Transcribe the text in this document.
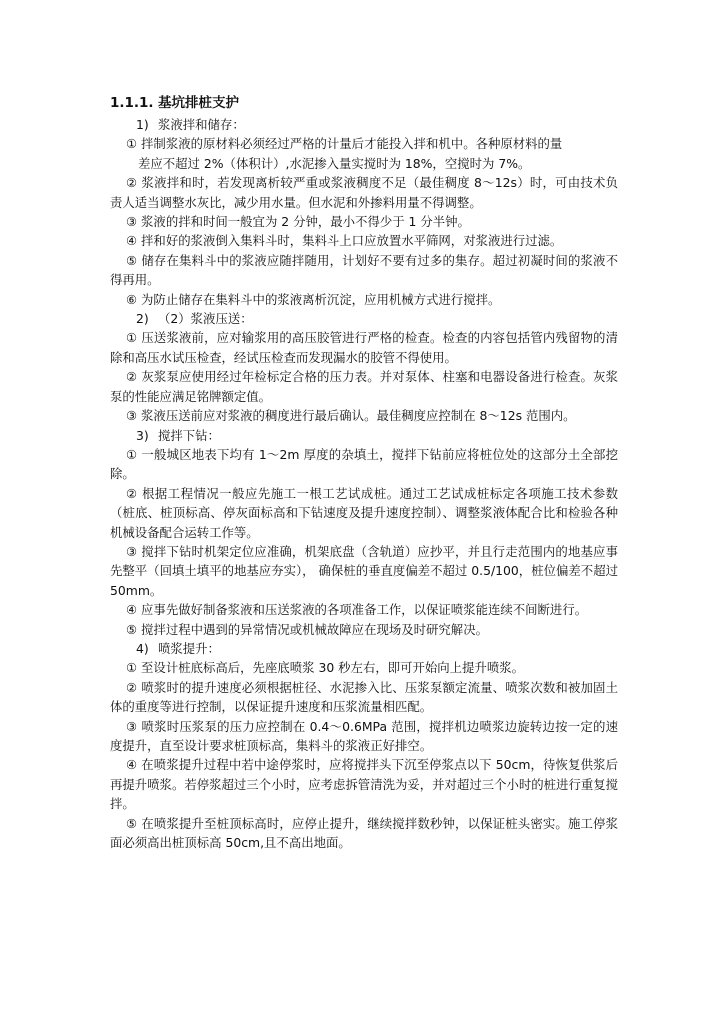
1.1.1. 基坑排桩支护
1) 浆液拌和储存：

① 拌制浆液的原材料必须经过严格的计量后才能投入拌和机中。各种原材料的量

差应不超过 2%（体积计）,水泥掺入量实搅时为 18%，空搅时为 7%。

② 浆液拌和时，若发现离析较严重或浆液稠度不足（最佳稠度 8～12s）时，可由技术负责人适当调整水灰比，减少用水量。但水泥和外掺料用量不得调整。

③ 浆液的拌和时间一般宜为 2 分钟，最小不得少于 1 分半钟。

④ 拌和好的浆液倒入集料斗时，集料斗上口应放置水平筛网，对浆液进行过滤。

⑤ 储存在集料斗中的浆液应随拌随用，计划好不要有过多的集存。超过初凝时间的浆液不得再用。

⑥ 为防止储存在集料斗中的浆液离析沉淀，应用机械方式进行搅拌。

2) （2）浆液压送：

① 压送浆液前，应对输浆用的高压胶管进行严格的检查。检查的内容包括管内残留物的清除和高压水试压检查，经试压检查而发现漏水的胶管不得使用。

② 灰浆泵应使用经过年检标定合格的压力表。并对泵体、柱塞和电器设备进行检查。灰浆泵的性能应满足铭牌额定值。

③ 浆液压送前应对浆液的稠度进行最后确认。最佳稠度应控制在 8～12s 范围内。

3) 搅拌下钻：

① 一般城区地表下均有 1～2m 厚度的杂填土，搅拌下钻前应将桩位处的这部分土全部挖除。

② 根据工程情况一般应先施工一根工艺试成桩。通过工艺试成桩标定各项施工技术参数（桩底、桩顶标高、停灰面标高和下钻速度及提升速度控制）、调整浆液体配合比和检验各种机械设备配合运转工作等。

③ 搅拌下钻时机架定位应准确，机架底盘（含轨道）应抄平，并且行走范围内的地基应事先整平（回填土填平的地基应夯实）， 确保桩的垂直度偏差不超过 0.5/100，桩位偏差不超过 50mm。

④ 应事先做好制备浆液和压送浆液的各项准备工作，以保证喷浆能连续不间断进行。

⑤ 搅拌过程中遇到的异常情况或机械故障应在现场及时研究解决。

4) 喷浆提升：

① 至设计桩底标高后，先座底喷浆 30 秒左右，即可开始向上提升喷浆。

② 喷浆时的提升速度必须根据桩径、水泥掺入比、压浆泵额定流量、喷浆次数和被加固土体的重度等进行控制，以保证提升速度和压浆流量相匹配。

③ 喷浆时压浆泵的压力应控制在 0.4～0.6MPa 范围，搅拌机边喷浆边旋转边按一定的速度提升，直至设计要求桩顶标高，集料斗的浆液正好排空。

④ 在喷浆提升过程中若中途停浆时，应将搅拌头下沉至停浆点以下 50cm，待恢复供浆后再提升喷浆。若停浆超过三个小时，应考虑拆管清洗为妥，并对超过三个小时的桩进行重复搅拌。

⑤ 在喷浆提升至桩顶标高时，应停止提升，继续搅拌数秒钟，以保证桩头密实。施工停浆面必须高出桩顶标高 50cm,且不高出地面。
